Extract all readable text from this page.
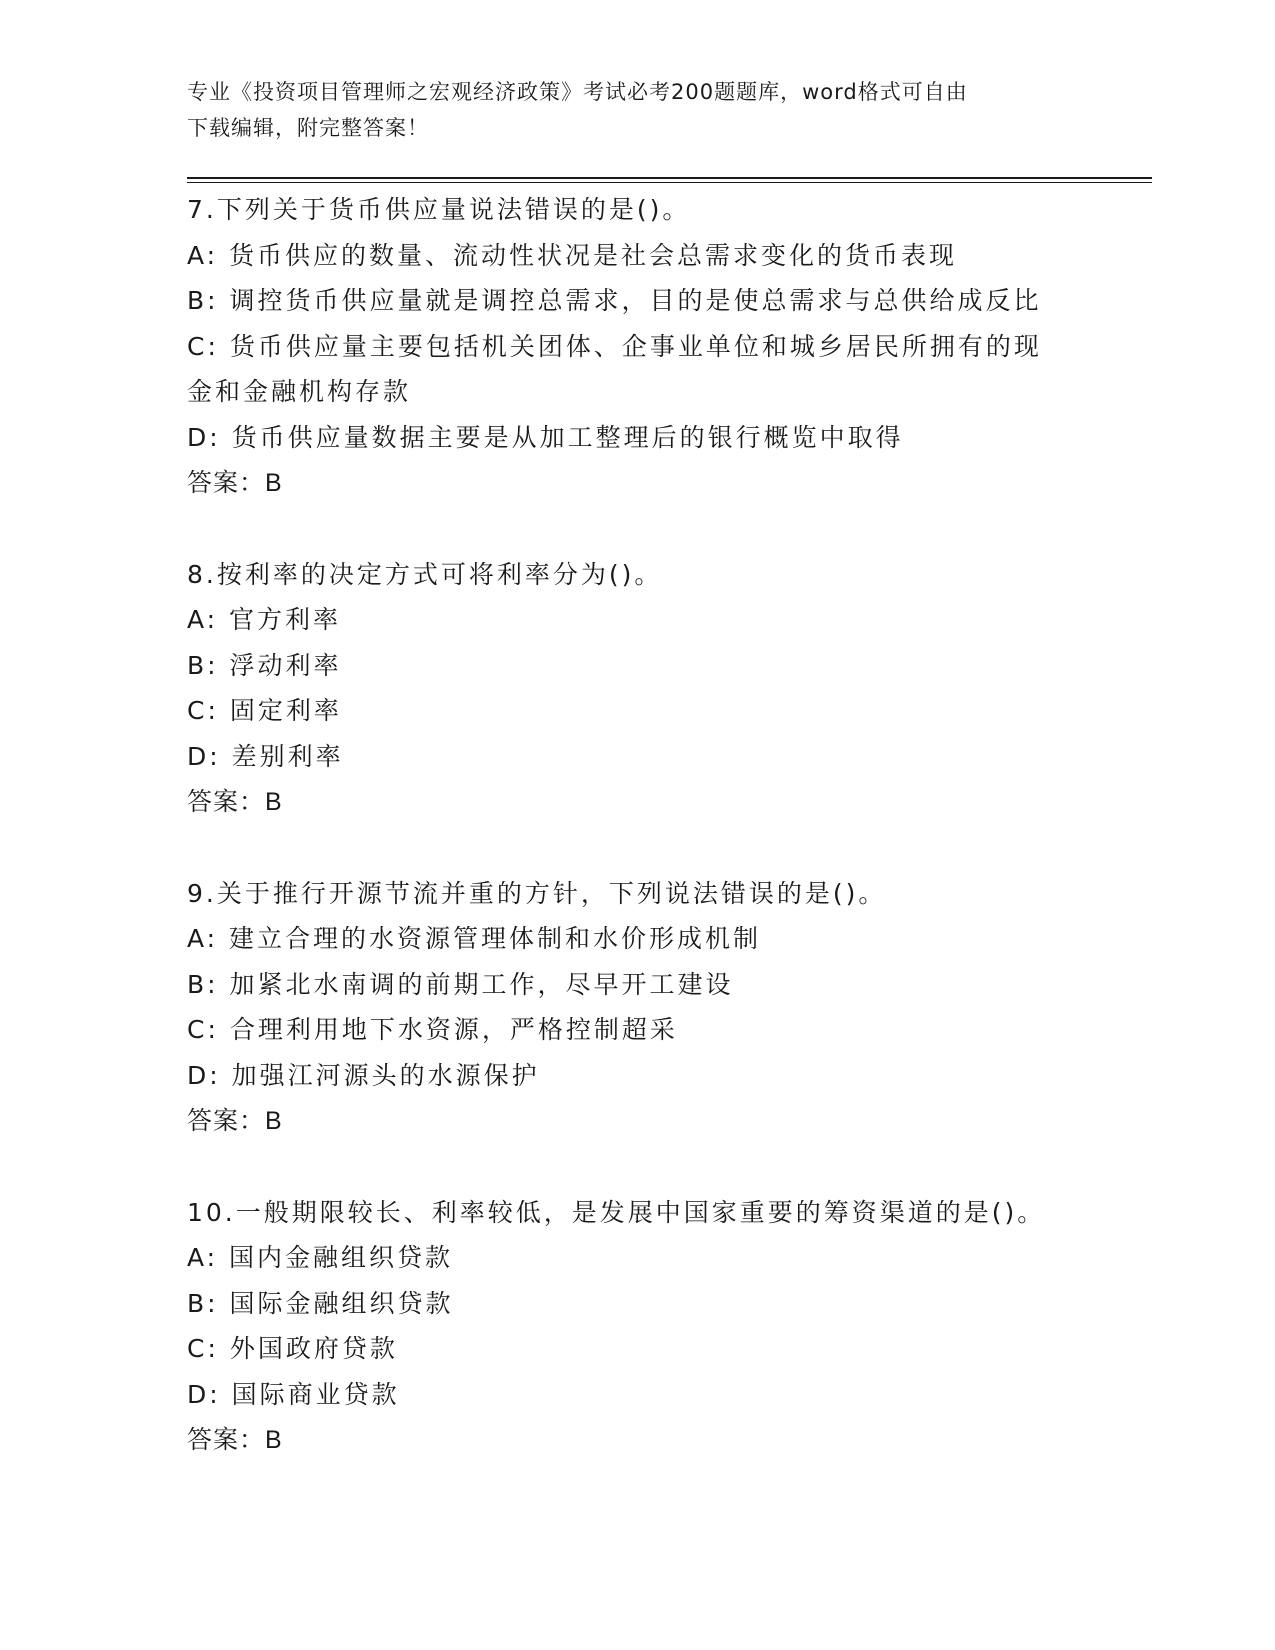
专业《投资项目管理师之宏观经济政策》考试必考200题题库，word格式可自由
下载编辑，附完整答案！
7.下列关于货币供应量说法错误的是()。
A: 货币供应的数量、流动性状况是社会总需求变化的货币表现
B: 调控货币供应量就是调控总需求，目的是使总需求与总供给成反比
C: 货币供应量主要包括机关团体、企事业单位和城乡居民所拥有的现
金和金融机构存款
D: 货币供应量数据主要是从加工整理后的银行概览中取得
答案：B
8.按利率的决定方式可将利率分为()。
A: 官方利率
B: 浮动利率
C: 固定利率
D: 差别利率
答案：B
9.关于推行开源节流并重的方针，下列说法错误的是()。
A: 建立合理的水资源管理体制和水价形成机制
B: 加紧北水南调的前期工作，尽早开工建设
C: 合理利用地下水资源，严格控制超采
D: 加强江河源头的水源保护
答案：B
10.一般期限较长、利率较低，是发展中国家重要的筹资渠道的是()。
A: 国内金融组织贷款
B: 国际金融组织贷款
C: 外国政府贷款
D: 国际商业贷款
答案：B
